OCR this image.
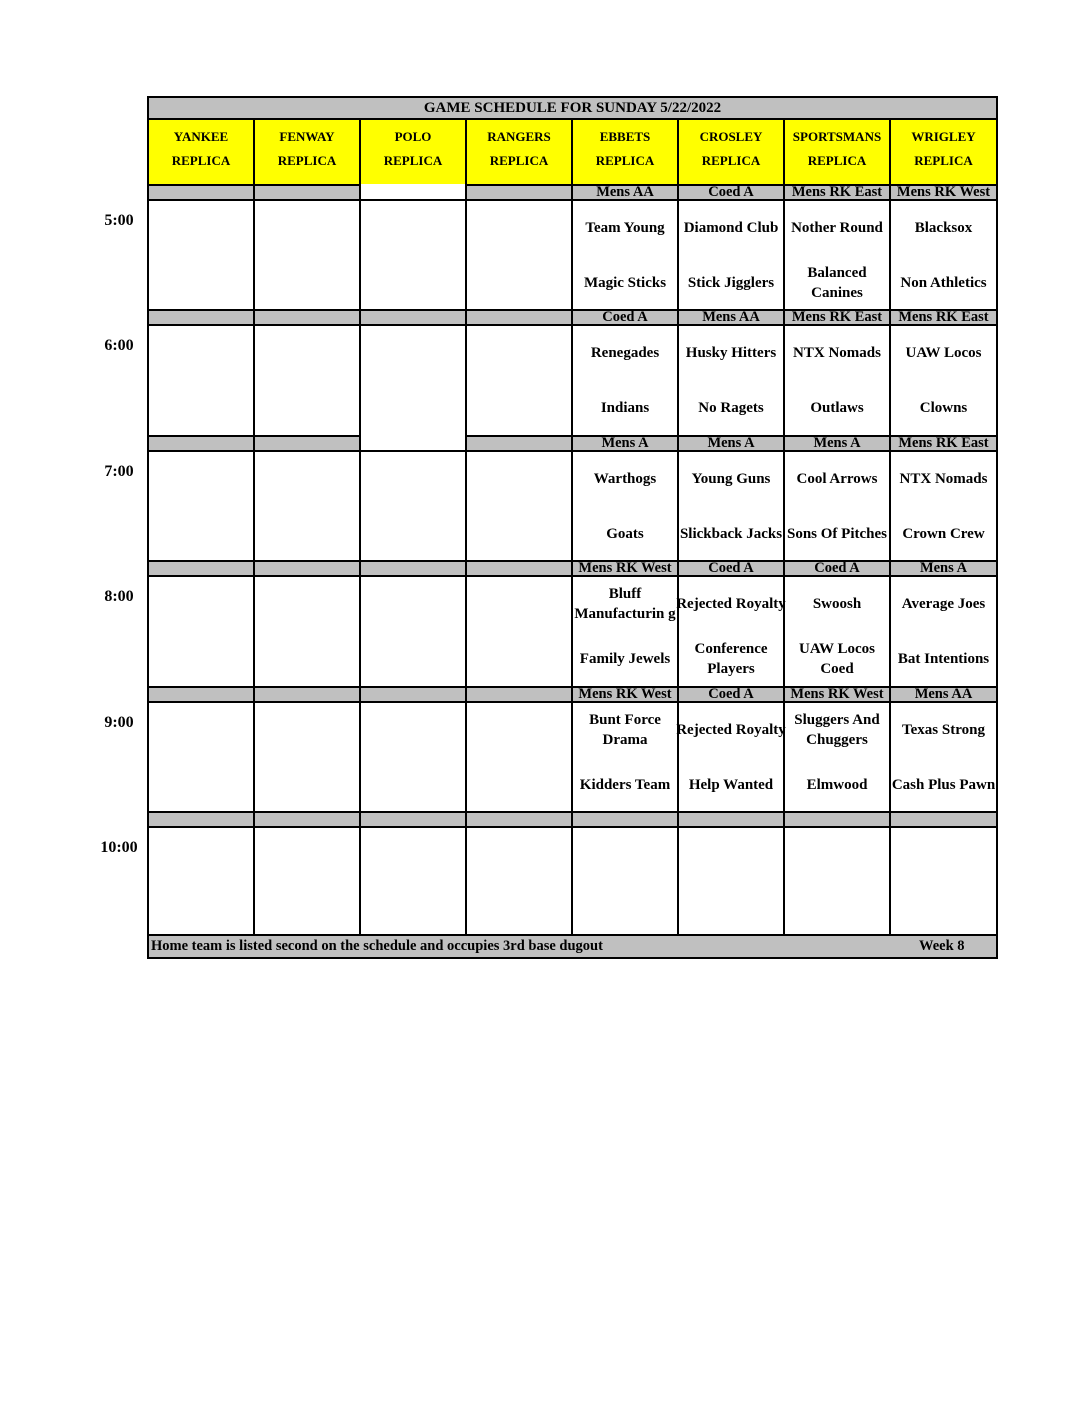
GAME SCHEDULE FOR SUNDAY 5/22/2022
YANKEE
REPLICA
FENWAY
REPLICA
POLO
REPLICA
RANGERS
REPLICA
EBBETS
REPLICA
CROSLEY
REPLICA
SPORTSMANS
REPLICA
WRIGLEY
REPLICA
Mens AA
Team Young
Magic Sticks
Coed A
Diamond Club
Stick Jigglers
Mens RK East
Nother Round
Balanced Canines
Mens RK West
Blacksox
Non Athletics
Coed A
Renegades
Indians
Mens AA
Husky Hitters
No Ragets
Mens RK East
NTX Nomads
Outlaws
Mens RK East
UAW Locos
Clowns
Mens A
Warthogs
Goats
Mens A
Young Guns
Slickback Jacks
Mens A
Cool Arrows
Sons Of Pitches
Mens RK East
NTX Nomads
Crown Crew
Mens RK West
Bluff Manufacturin g
Family Jewels
Coed A
Rejected Royalty
Conference Players
Coed A
Swoosh
UAW Locos Coed
Mens A
Average Joes
Bat Intentions
Mens RK West
Bunt Force Drama
Kidders Team
Coed A
Rejected Royalty
Help Wanted
Mens RK West
Sluggers And Chuggers
Elmwood
Mens AA
Texas Strong
Cash Plus Pawn
Home team is listed second on the schedule and occupies 3rd base dugout	Week 8
5:00
6:00
7:00
8:00
9:00
10:00
